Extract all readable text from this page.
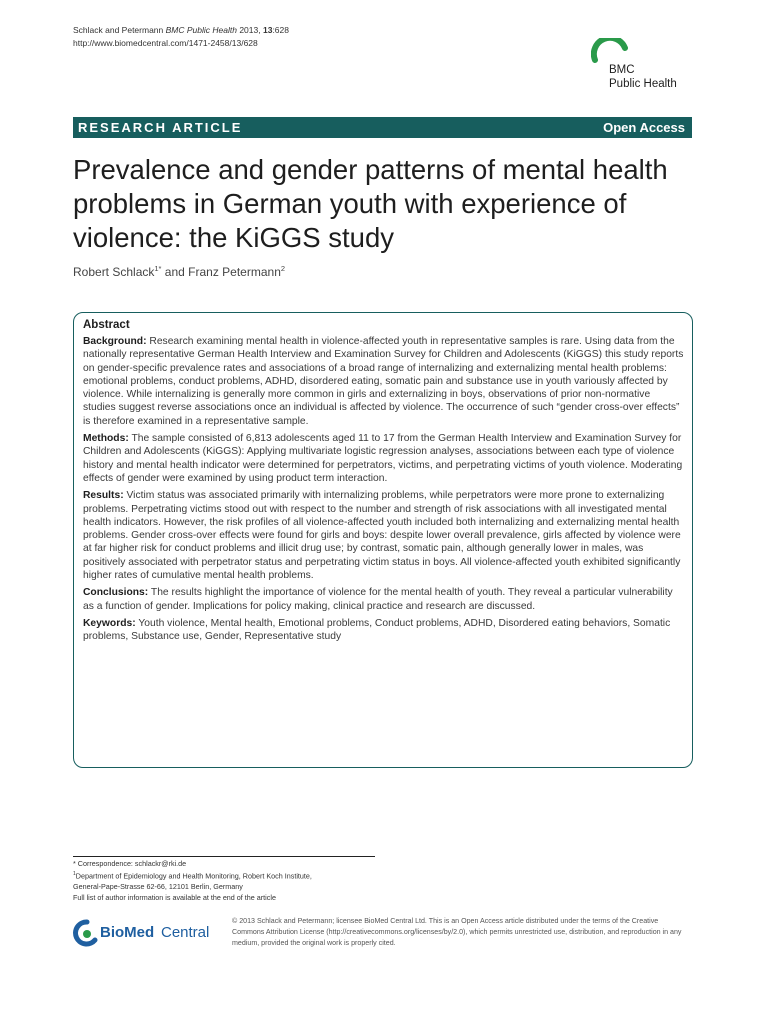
Schlack and Petermann BMC Public Health 2013, 13:628
http://www.biomedcentral.com/1471-2458/13/628
BMC
Public Health
RESEARCH ARTICLE	Open Access
Prevalence and gender patterns of mental health problems in German youth with experience of violence: the KiGGS study
Robert Schlack$^{1*}$ and Franz Petermann$^2$
Abstract

Background: Research examining mental health in violence-affected youth in representative samples is rare. Using data from the nationally representative German Health Interview and Examination Survey for Children and Adolescents (KiGGS) this study reports on gender-specific prevalence rates and associations of a broad range of internalizing and externalizing mental health problems: emotional problems, conduct problems, ADHD, disordered eating, somatic pain and substance use in youth variously affected by violence. While internalizing is generally more common in girls and externalizing in boys, observations of prior non-normative studies suggest reverse associations once an individual is affected by violence. The occurrence of such “gender cross-over effects” is therefore examined in a representative sample.

Methods: The sample consisted of 6,813 adolescents aged 11 to 17 from the German Health Interview and Examination Survey for Children and Adolescents (KiGGS): Applying multivariate logistic regression analyses, associations between each type of violence history and mental health indicator were determined for perpetrators, victims, and perpetrating victims of youth violence. Moderating effects of gender were examined by using product term interaction.

Results: Victim status was associated primarily with internalizing problems, while perpetrators were more prone to externalizing problems. Perpetrating victims stood out with respect to the number and strength of risk associations with all investigated mental health indicators. However, the risk profiles of all violence-affected youth included both internalizing and externalizing mental health problems. Gender cross-over effects were found for girls and boys: despite lower overall prevalence, girls affected by violence were at far higher risk for conduct problems and illicit drug use; by contrast, somatic pain, although generally lower in males, was positively associated with perpetrator status and perpetrating victim status in boys. All violence-affected youth exhibited significantly higher rates of cumulative mental health problems.

Conclusions: The results highlight the importance of violence for the mental health of youth. They reveal a particular vulnerability as a function of gender. Implications for policy making, clinical practice and research are discussed.

Keywords: Youth violence, Mental health, Emotional problems, Conduct problems, ADHD, Disordered eating behaviors, Somatic problems, Substance use, Gender, Representative study

* Correspondence: schlackr@rki.de
$^1$Department of Epidemiology and Health Monitoring, Robert Koch Institute,
General-Pape-Strasse 62-66, 12101 Berlin, Germany
Full list of author information is available at the end of the article
BioMed Central
© 2013 Schlack and Petermann; licensee BioMed Central Ltd. This is an Open Access article distributed under the terms of the Creative Commons Attribution License (http://creativecommons.org/licenses/by/2.0), which permits unrestricted use, distribution, and reproduction in any medium, provided the original work is properly cited.
